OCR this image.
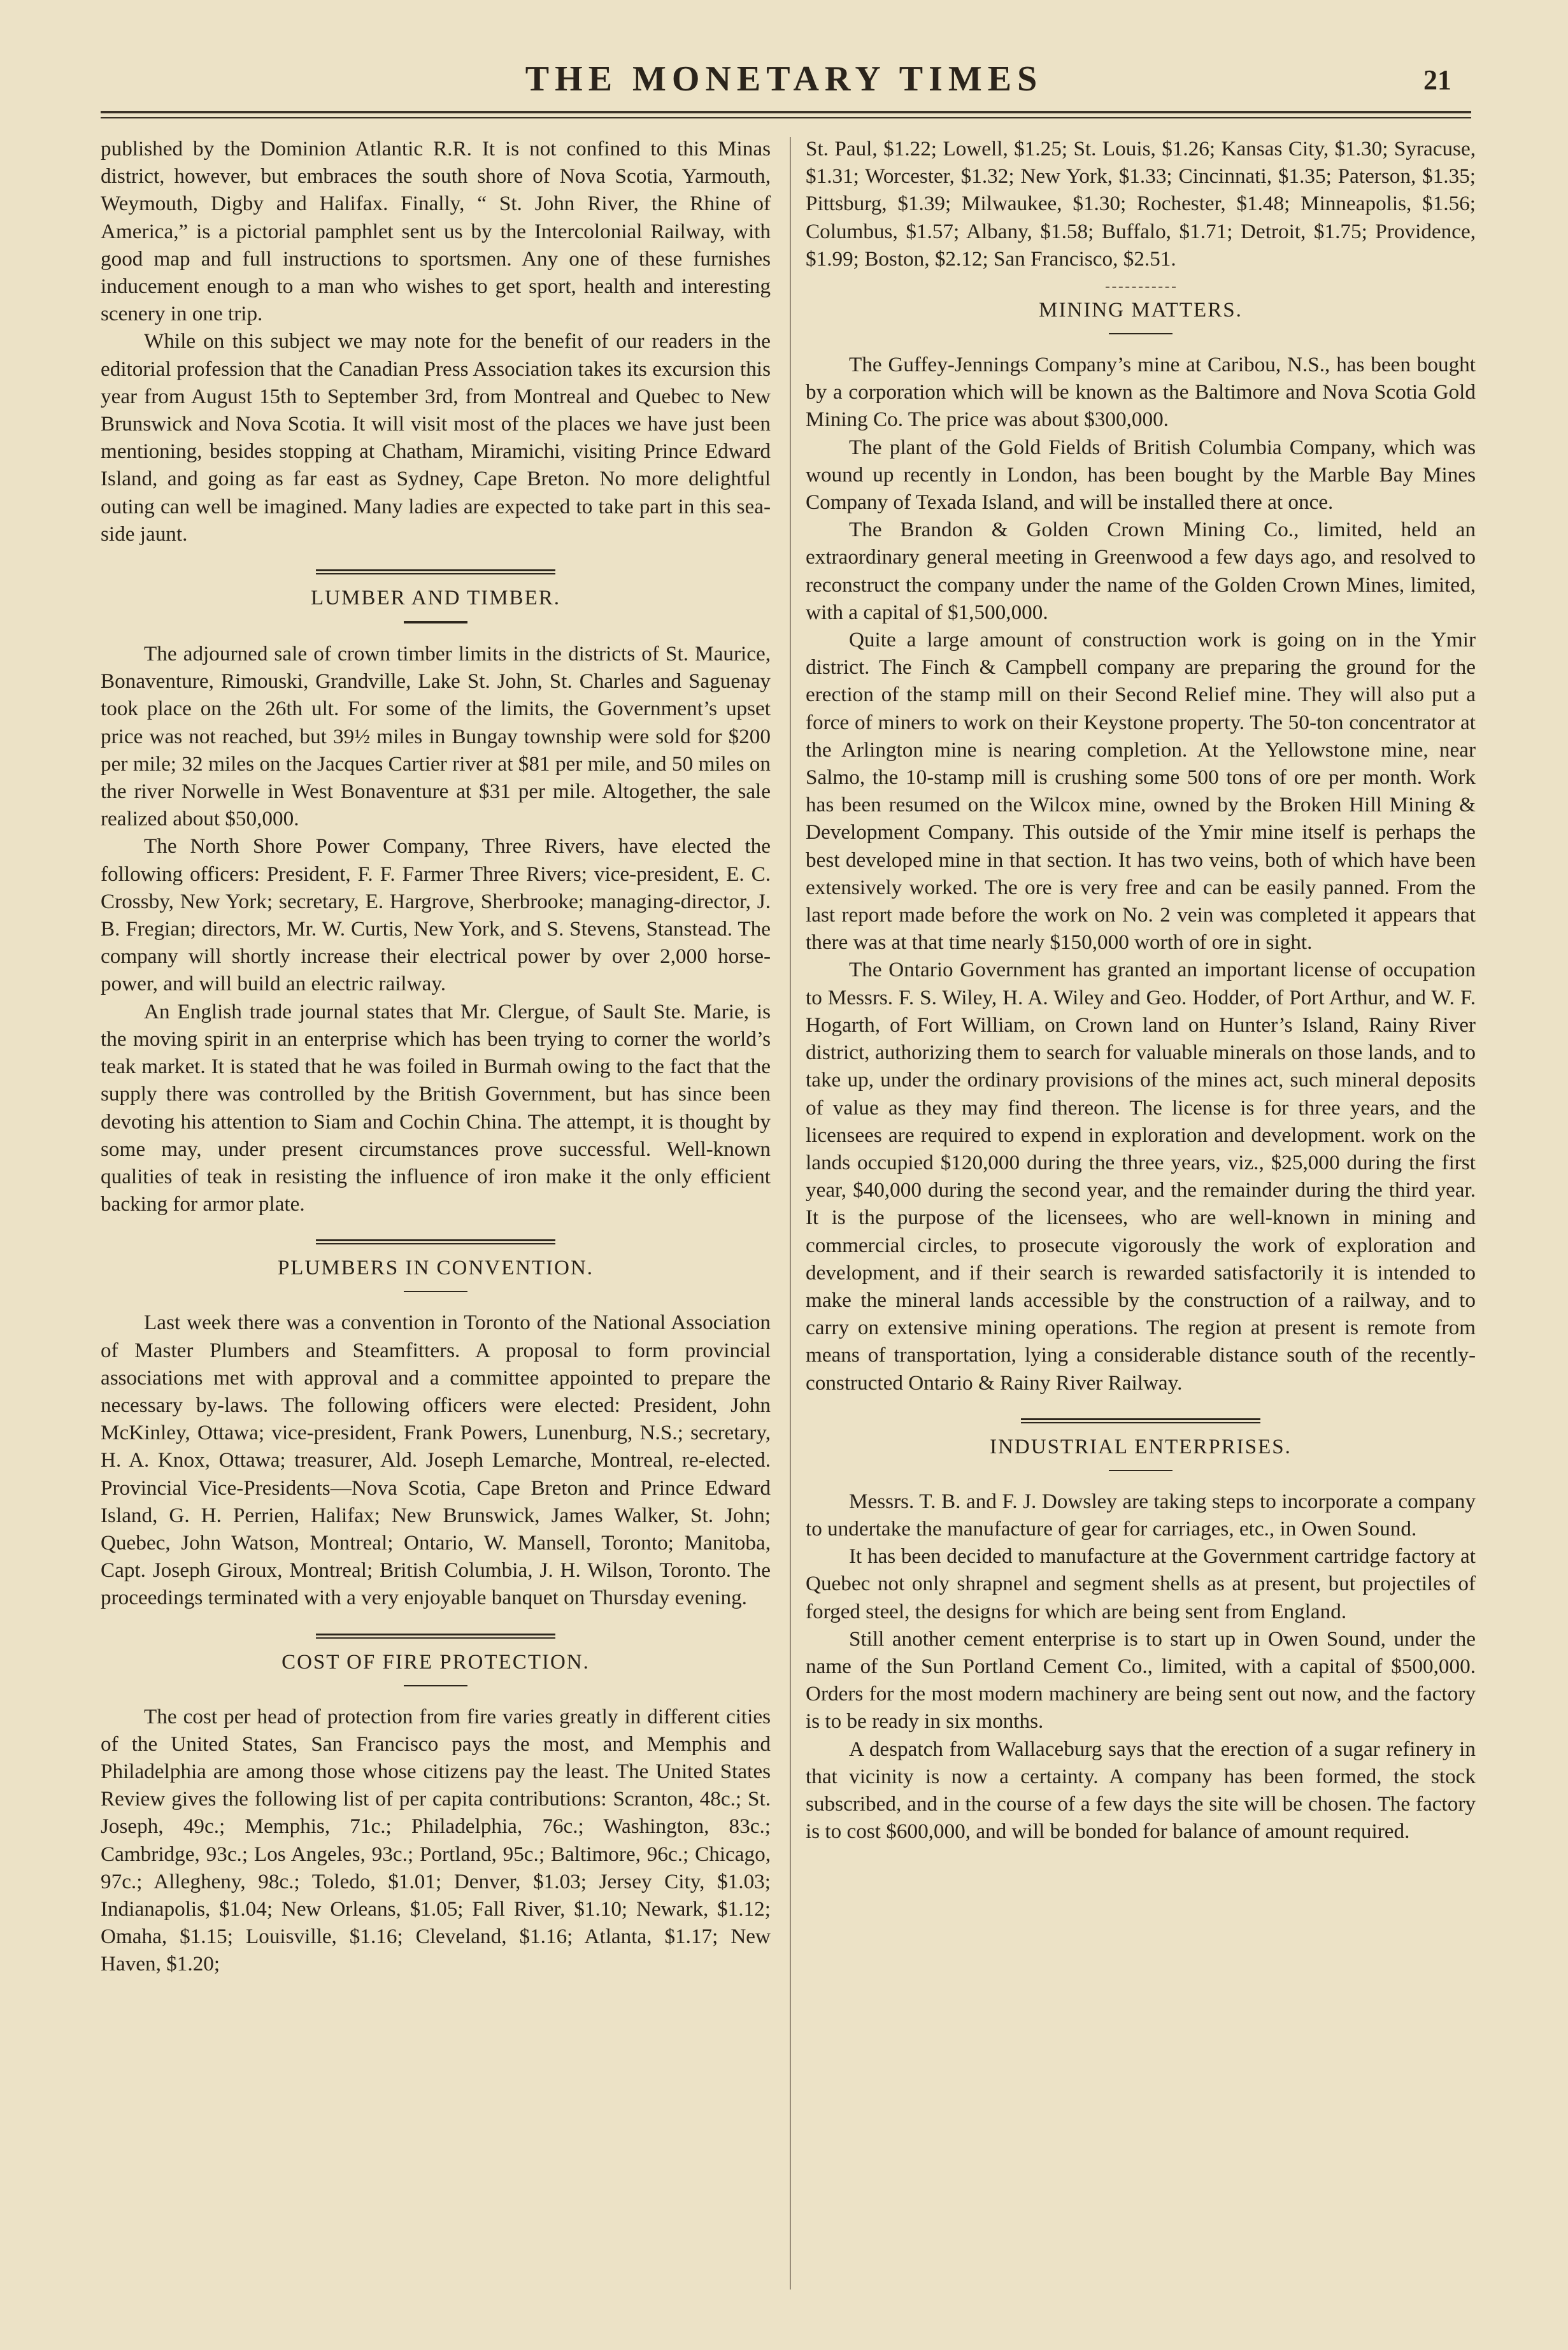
THE MONETARY TIMES	21

published by the Dominion Atlantic R.R. It is not confined to this Minas district, however, but embraces the south shore of Nova Scotia, Yarmouth, Weymouth, Digby and Halifax. Finally, “ St. John River, the Rhine of America,” is a pictorial pamphlet sent us by the Intercolonial Railway, with good map and full instructions to sportsmen. Any one of these furnishes inducement enough to a man who wishes to get sport, health and interesting scenery in one trip.

While on this subject we may note for the benefit of our readers in the editorial profession that the Canadian Press Association takes its excursion this year from August 15th to September 3rd, from Montreal and Quebec to New Brunswick and Nova Scotia. It will visit most of the places we have just been mentioning, besides stopping at Chatham, Miramichi, visiting Prince Edward Island, and going as far east as Sydney, Cape Breton. No more delightful outing can well be imagined. Many ladies are expected to take part in this sea-side jaunt.

LUMBER AND TIMBER.

The adjourned sale of crown timber limits in the districts of St. Maurice, Bonaventure, Rimouski, Grandville, Lake St. John, St. Charles and Saguenay took place on the 26th ult. For some of the limits, the Government’s upset price was not reached, but 39½ miles in Bungay township were sold for $200 per mile; 32 miles on the Jacques Cartier river at $81 per mile, and 50 miles on the river Norwelle in West Bonaventure at $31 per mile. Altogether, the sale realized about $50,000.

The North Shore Power Company, Three Rivers, have elected the following officers: President, F. F. Farmer Three Rivers; vice-president, E. C. Crossby, New York; secretary, E. Hargrove, Sherbrooke; managing-director, J. B. Fregian; directors, Mr. W. Curtis, New York, and S. Stevens, Stanstead. The company will shortly increase their electrical power by over 2,000 horse-power, and will build an electric railway.

An English trade journal states that Mr. Clergue, of Sault Ste. Marie, is the moving spirit in an enterprise which has been trying to corner the world’s teak market. It is stated that he was foiled in Burmah owing to the fact that the supply there was controlled by the British Government, but has since been devoting his attention to Siam and Cochin China. The attempt, it is thought by some may, under present circumstances prove successful. Well-known qualities of teak in resisting the influence of iron make it the only efficient backing for armor plate.

PLUMBERS IN CONVENTION.

Last week there was a convention in Toronto of the National Association of Master Plumbers and Steamfitters. A proposal to form provincial associations met with approval and a committee appointed to prepare the necessary by-laws. The following officers were elected: President, John McKinley, Ottawa; vice-president, Frank Powers, Lunenburg, N.S.; secretary, H. A. Knox, Ottawa; treasurer, Ald. Joseph Lemarche, Montreal, re-elected. Provincial Vice-Presidents—Nova Scotia, Cape Breton and Prince Edward Island, G. H. Perrien, Halifax; New Brunswick, James Walker, St. John; Quebec, John Watson, Montreal; Ontario, W. Mansell, Toronto; Manitoba, Capt. Joseph Giroux, Montreal; British Columbia, J. H. Wilson, Toronto. The proceedings terminated with a very enjoyable banquet on Thursday evening.

COST OF FIRE PROTECTION.

The cost per head of protection from fire varies greatly in different cities of the United States, San Francisco pays the most, and Memphis and Philadelphia are among those whose citizens pay the least. The United States Review gives the following list of per capita contributions: Scranton, 48c.; St. Joseph, 49c.; Memphis, 71c.; Philadelphia, 76c.; Washington, 83c.; Cambridge, 93c.; Los Angeles, 93c.; Portland, 95c.; Baltimore, 96c.; Chicago, 97c.; Allegheny, 98c.; Toledo, $1.01; Denver, $1.03; Jersey City, $1.03; Indianapolis, $1.04; New Orleans, $1.05; Fall River, $1.10; Newark, $1.12; Omaha, $1.15; Louisville, $1.16; Cleveland, $1.16; Atlanta, $1.17; New Haven, $1.20;

St. Paul, $1.22; Lowell, $1.25; St. Louis, $1.26; Kansas City, $1.30; Syracuse, $1.31; Worcester, $1.32; New York, $1.33; Cincinnati, $1.35; Paterson, $1.35; Pittsburg, $1.39; Milwaukee, $1.30; Rochester, $1.48; Minneapolis, $1.56; Columbus, $1.57; Albany, $1.58; Buffalo, $1.71; Detroit, $1.75; Providence, $1.99; Boston, $2.12; San Francisco, $2.51.

MINING MATTERS.

The Guffey-Jennings Company’s mine at Caribou, N.S., has been bought by a corporation which will be known as the Baltimore and Nova Scotia Gold Mining Co. The price was about $300,000.

The plant of the Gold Fields of British Columbia Company, which was wound up recently in London, has been bought by the Marble Bay Mines Company of Texada Island, and will be installed there at once.

The Brandon & Golden Crown Mining Co., limited, held an extraordinary general meeting in Greenwood a few days ago, and resolved to reconstruct the company under the name of the Golden Crown Mines, limited, with a capital of $1,500,000.

Quite a large amount of construction work is going on in the Ymir district. The Finch & Campbell company are preparing the ground for the erection of the stamp mill on their Second Relief mine. They will also put a force of miners to work on their Keystone property. The 50-ton concentrator at the Arlington mine is nearing completion. At the Yellowstone mine, near Salmo, the 10-stamp mill is crushing some 500 tons of ore per month. Work has been resumed on the Wilcox mine, owned by the Broken Hill Mining & Development Company. This outside of the Ymir mine itself is perhaps the best developed mine in that section. It has two veins, both of which have been extensively worked. The ore is very free and can be easily panned. From the last report made before the work on No. 2 vein was completed it appears that there was at that time nearly $150,000 worth of ore in sight.

The Ontario Government has granted an important license of occupation to Messrs. F. S. Wiley, H. A. Wiley and Geo. Hodder, of Port Arthur, and W. F. Hogarth, of Fort William, on Crown land on Hunter’s Island, Rainy River district, authorizing them to search for valuable minerals on those lands, and to take up, under the ordinary provisions of the mines act, such mineral deposits of value as they may find thereon. The license is for three years, and the licensees are required to expend in exploration and development. work on the lands occupied $120,000 during the three years, viz., $25,000 during the first year, $40,000 during the second year, and the remainder during the third year. It is the purpose of the licensees, who are well-known in mining and commercial circles, to prosecute vigorously the work of exploration and development, and if their search is rewarded satisfactorily it is intended to make the mineral lands accessible by the construction of a railway, and to carry on extensive mining operations. The region at present is remote from means of transportation, lying a considerable distance south of the recently-constructed Ontario & Rainy River Railway.

INDUSTRIAL ENTERPRISES.

Messrs. T. B. and F. J. Dowsley are taking steps to incorporate a company to undertake the manufacture of gear for carriages, etc., in Owen Sound.

It has been decided to manufacture at the Government cartridge factory at Quebec not only shrapnel and segment shells as at present, but projectiles of forged steel, the designs for which are being sent from England.

Still another cement enterprise is to start up in Owen Sound, under the name of the Sun Portland Cement Co., limited, with a capital of $500,000. Orders for the most modern machinery are being sent out now, and the factory is to be ready in six months.

A despatch from Wallaceburg says that the erection of a sugar refinery in that vicinity is now a certainty. A company has been formed, the stock subscribed, and in the course of a few days the site will be chosen. The factory is to cost $600,000, and will be bonded for balance of amount required.
